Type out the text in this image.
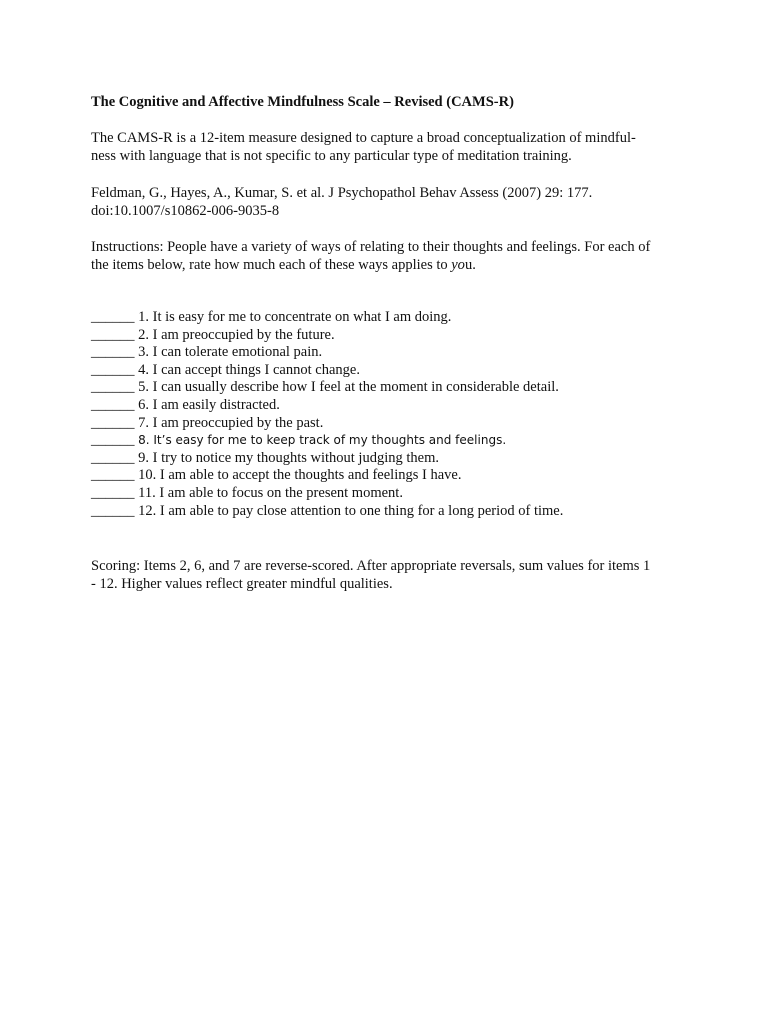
The Cognitive and Affective Mindfulness Scale – Revised (CAMS-R)
The CAMS-R is a 12-item measure designed to capture a broad conceptualization of mindful-
ness with language that is not specific to any particular type of meditation training.
Feldman, G., Hayes, A., Kumar, S. et al. J Psychopathol Behav Assess (2007) 29: 177.
doi:10.1007/s10862-006-9035-8
Instructions: People have a variety of ways of relating to their thoughts and feelings. For each of
the items below, rate how much each of these ways applies to you.
______ 1. It is easy for me to concentrate on what I am doing.
______ 2. I am preoccupied by the future.
______ 3. I can tolerate emotional pain.
______ 4. I can accept things I cannot change.
______ 5. I can usually describe how I feel at the moment in considerable detail.
______ 6. I am easily distracted.
______ 7. I am preoccupied by the past.
______ 8. It’s easy for me to keep track of my thoughts and feelings.
______ 9. I try to notice my thoughts without judging them.
______ 10. I am able to accept the thoughts and feelings I have.
______ 11. I am able to focus on the present moment.
______ 12. I am able to pay close attention to one thing for a long period of time.
Scoring: Items 2, 6, and 7 are reverse-scored. After appropriate reversals, sum values for items 1
- 12. Higher values reflect greater mindful qualities.
